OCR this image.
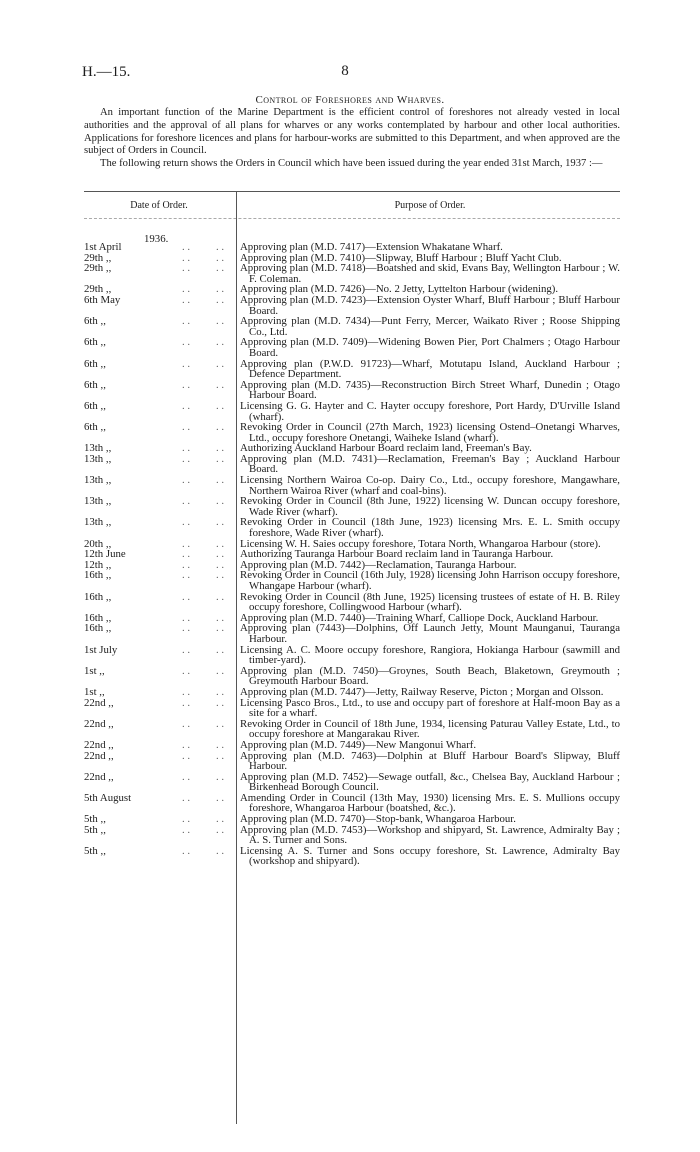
H.—15.	8
Control of Foreshores and Wharves.

An important function of the Marine Department is the efficient control of foreshores not already vested in local authorities and the approval of all plans for wharves or any works contemplated by harbour and other local authorities. Applications for foreshore licences and plans for harbour-works are submitted to this Department, and when approved are the subject of Orders in Council.

The following return shows the Orders in Council which have been issued during the year ended 31st March, 1937 :—

Date of Order.	Purpose of Order.
1936.
1st April	. . . . Approving plan (M.D. 7417)—Extension Whakatane Wharf.
29th ,,	. . . . Approving plan (M.D. 7410)—Slipway, Bluff Harbour ; Bluff Yacht Club.
29th ,,	. . . . Approving plan (M.D. 7418)—Boatshed and skid, Evans Bay, Wellington Harbour ; W. F. Coleman.
29th ,,	. . . . Approving plan (M.D. 7426)—No. 2 Jetty, Lyttelton Harbour (widening).
6th May	. . . . Approving plan (M.D. 7423)—Extension Oyster Wharf, Bluff Harbour ; Bluff Harbour Board.
6th ,,	. . . . Approving plan (M.D. 7434)—Punt Ferry, Mercer, Waikato River ; Roose Shipping Co., Ltd.
6th ,,	. . . . Approving plan (M.D. 7409)—Widening Bowen Pier, Port Chalmers ; Otago Harbour Board.
6th ,,	. . . . Approving plan (P.W.D. 91723)—Wharf, Motutapu Island, Auckland Harbour ; Defence Department.
6th ,,	. . . . Approving plan (M.D. 7435)—Reconstruction Birch Street Wharf, Dunedin ; Otago Harbour Board.
6th ,,	. . . . Licensing G. G. Hayter and C. Hayter occupy foreshore, Port Hardy, D'Urville Island (wharf).
6th ,,	. . . . Revoking Order in Council (27th March, 1923) licensing Ostend–Onetangi Wharves, Ltd., occupy foreshore Onetangi, Waiheke Island (wharf).
13th ,,	. . . . Authorizing Auckland Harbour Board reclaim land, Freeman's Bay.
13th ,,	. . . . Approving plan (M.D. 7431)—Reclamation, Freeman's Bay ; Auckland Harbour Board.
13th ,,	. . . . Licensing Northern Wairoa Co-op. Dairy Co., Ltd., occupy foreshore, Mangawhare, Northern Wairoa River (wharf and coal-bins).
13th ,,	. . . . Revoking Order in Council (8th June, 1922) licensing W. Duncan occupy foreshore, Wade River (wharf).
13th ,,	. . . . Revoking Order in Council (18th June, 1923) licensing Mrs. E. L. Smith occupy foreshore, Wade River (wharf).
20th ,,	. . . . Licensing W. H. Saies occupy foreshore, Totara North, Whangaroa Harbour (store).
12th June	. . . . Authorizing Tauranga Harbour Board reclaim land in Tauranga Harbour.
12th ,,	. . . . Approving plan (M.D. 7442)—Reclamation, Tauranga Harbour.
16th ,,	. . . . Revoking Order in Council (16th July, 1928) licensing John Harrison occupy foreshore, Whangape Harbour (wharf).
16th ,,	. . . . Revoking Order in Council (8th June, 1925) licensing trustees of estate of H. B. Riley occupy foreshore, Collingwood Harbour (wharf).
16th ,,	. . . . Approving plan (M.D. 7440)—Training Wharf, Calliope Dock, Auckland Harbour.
16th ,,	. . . . Approving plan (7443)—Dolphins, Off Launch Jetty, Mount Maunganui, Tauranga Harbour.
1st July	. . . . Licensing A. C. Moore occupy foreshore, Rangiora, Hokianga Harbour (sawmill and timber-yard).
1st ,,	. . . . Approving plan (M.D. 7450)—Groynes, South Beach, Blaketown, Greymouth ; Greymouth Harbour Board.
1st ,,	. . . . Approving plan (M.D. 7447)—Jetty, Railway Reserve, Picton ; Morgan and Olsson.
22nd ,,	. . . . Licensing Pasco Bros., Ltd., to use and occupy part of foreshore at Half-moon Bay as a site for a wharf.
22nd ,,	. . . . Revoking Order in Council of 18th June, 1934, licensing Paturau Valley Estate, Ltd., to occupy foreshore at Mangarakau River.
22nd ,,	. . . . Approving plan (M.D. 7449)—New Mangonui Wharf.
22nd ,,	. . . . Approving plan (M.D. 7463)—Dolphin at Bluff Harbour Board's Slipway, Bluff Harbour.
22nd ,,	. . . . Approving plan (M.D. 7452)—Sewage outfall, &c., Chelsea Bay, Auckland Harbour ; Birkenhead Borough Council.
5th August	. . . . Amending Order in Council (13th May, 1930) licensing Mrs. E. S. Mullions occupy foreshore, Whangaroa Harbour (boatshed, &c.).
5th ,,	. . . . Approving plan (M.D. 7470)—Stop-bank, Whangaroa Harbour.
5th ,,	. . . . Approving plan (M.D. 7453)—Workshop and shipyard, St. Lawrence, Admiralty Bay ; A. S. Turner and Sons.
5th ,,	. . . . Licensing A. S. Turner and Sons occupy foreshore, St. Lawrence, Admiralty Bay (workshop and shipyard).
